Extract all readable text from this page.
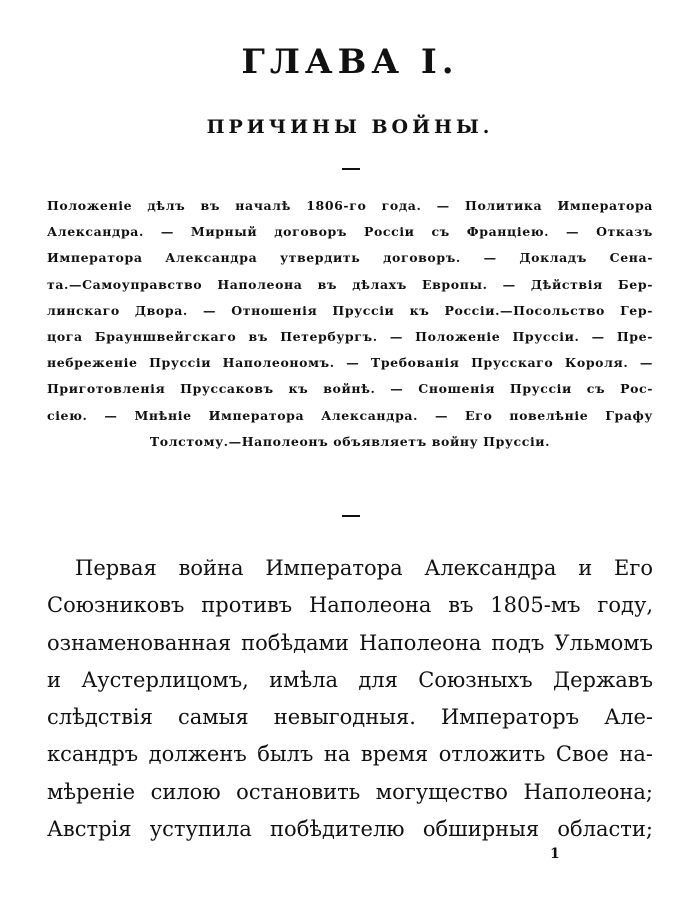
ГЛАВА I.
ПРИЧИНЫ ВОЙНЫ.
Положеніе дѣлъ въ началѣ 1806-го года. — Политика Императора
Александра. — Мирный договоръ Россіи съ Франціею. — Отказъ
Императора Александра утвердить договоръ. — Докладъ Сена-
та.—Самоуправство Наполеона въ дѣлахъ Европы. — Дѣйствія Бер-
линскаго Двора. — Отношенія Пруссіи къ Россіи.—Посольство Гер-
цога Брауншвейгскаго въ Петербургъ. — Положеніе Пруссіи. — Пре-
небреженіе Пруссіи Наполеономъ. — Требованія Прусскаго Короля. —
Приготовленія Пруссаковъ къ войнѣ. — Сношенія Пруссіи съ Рос-
сіею. — Мнѣніе Императора Александра. — Его повелѣніе Графу
Толстому.—Наполеонъ объявляетъ войну Пруссіи.
Первая война Императора Александра и Его
Союзниковъ противъ Наполеона въ 1805-мъ году,
ознаменованная побѣдами Наполеона подъ Ульмомъ
и Аустерлицомъ, имѣла для Союзныхъ Державъ
слѣдствія самыя невыгодныя. Императоръ Але-
ксандръ долженъ былъ на время отложить Свое на-
мѣреніе силою остановить могущество Наполеона;
Австрія уступила побѣдителю обширныя области;
1
